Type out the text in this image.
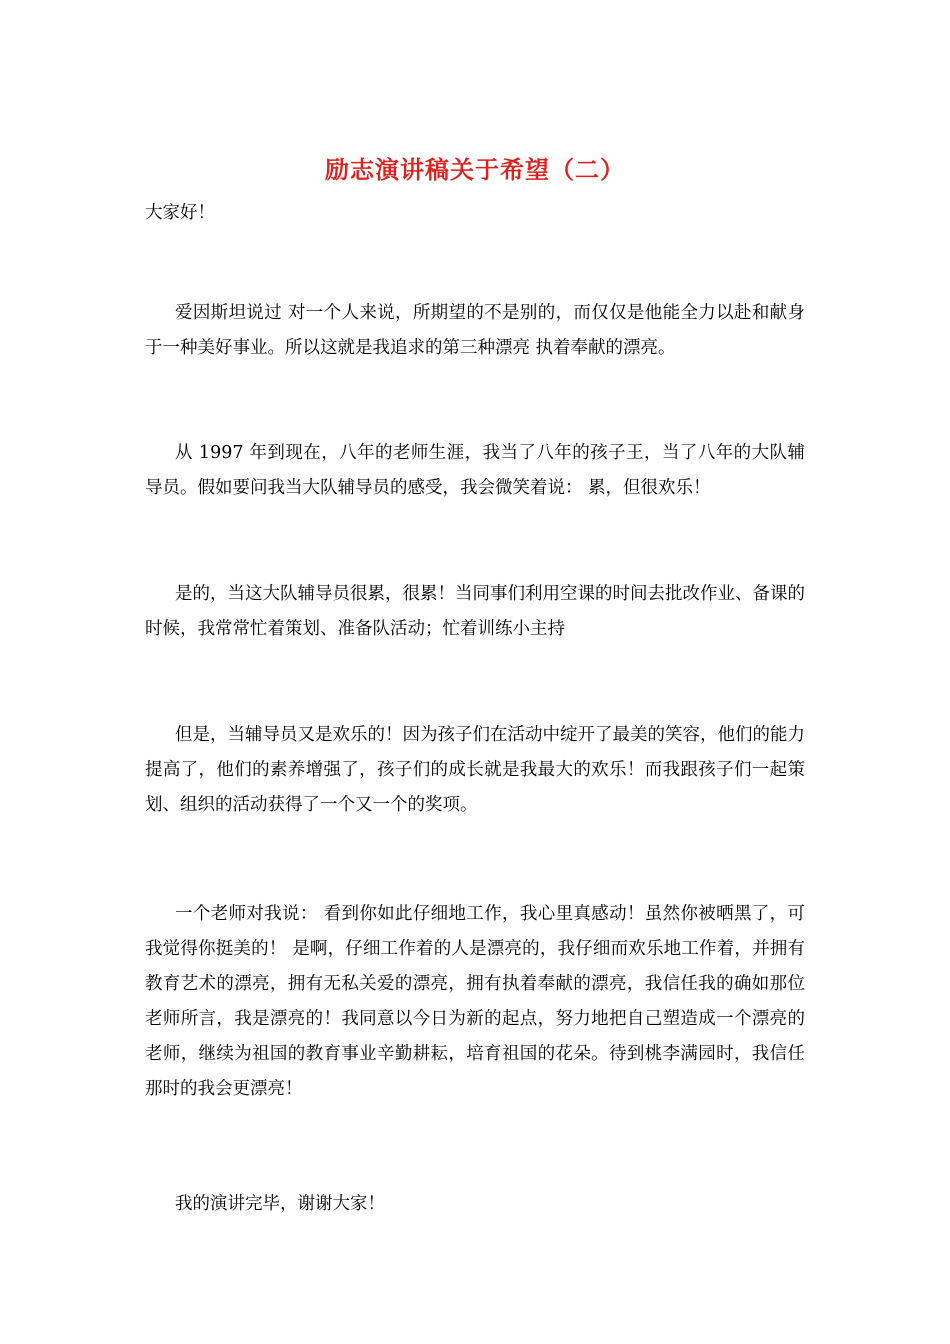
励志演讲稿关于希望（二）

大家好！

爱因斯坦说过 对一个人来说，所期望的不是别的，而仅仅是他能全力以赴和献身于一种美好事业。所以这就是我追求的第三种漂亮 执着奉献的漂亮。

从 1997 年到现在，八年的老师生涯，我当了八年的孩子王，当了八年的大队辅导员。假如要问我当大队辅导员的感受，我会微笑着说： 累，但很欢乐！

是的，当这大队辅导员很累，很累！当同事们利用空课的时间去批改作业、备课的时候，我常常忙着策划、准备队活动；忙着训练小主持

但是，当辅导员又是欢乐的！因为孩子们在活动中绽开了最美的笑容，他们的能力提高了，他们的素养增强了，孩子们的成长就是我最大的欢乐！而我跟孩子们一起策划、组织的活动获得了一个又一个的奖项。

一个老师对我说： 看到你如此仔细地工作，我心里真感动！虽然你被晒黑了，可我觉得你挺美的！ 是啊，仔细工作着的人是漂亮的，我仔细而欢乐地工作着，并拥有教育艺术的漂亮，拥有无私关爱的漂亮，拥有执着奉献的漂亮，我信任我的确如那位老师所言，我是漂亮的！我同意以今日为新的起点，努力地把自己塑造成一个漂亮的老师，继续为祖国的教育事业辛勤耕耘，培育祖国的花朵。待到桃李满园时，我信任那时的我会更漂亮！

我的演讲完毕，谢谢大家！
